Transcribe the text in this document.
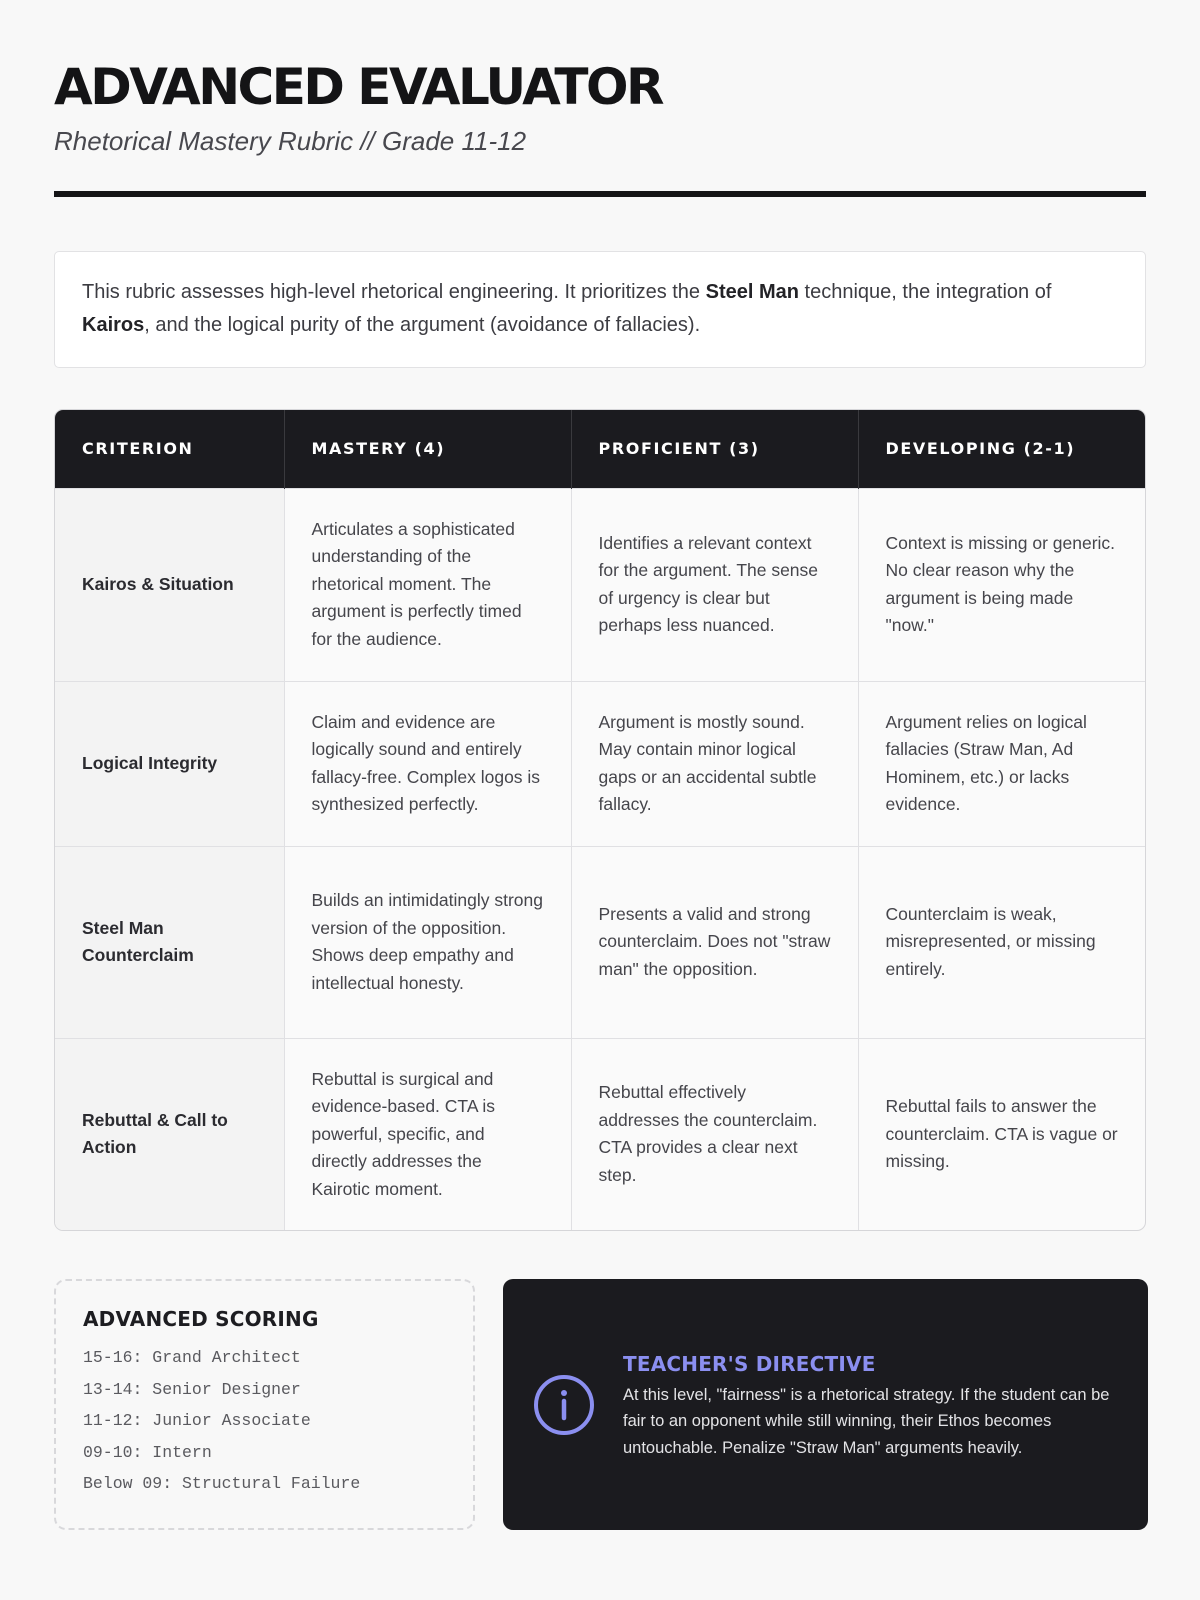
ADVANCED EVALUATOR
Rhetorical Mastery Rubric // Grade 11-12
This rubric assesses high-level rhetorical engineering. It prioritizes the Steel Man technique, the integration of Kairos, and the logical purity of the argument (avoidance of fallacies).
CRITERION	MASTERY (4)	PROFICIENT (3)	DEVELOPING (2-1)
Kairos & Situation	Articulates a sophisticated understanding of the rhetorical moment. The argument is perfectly timed for the audience.	Identifies a relevant context for the argument. The sense of urgency is clear but perhaps less nuanced.	Context is missing or generic. No clear reason why the argument is being made "now."
Logical Integrity	Claim and evidence are logically sound and entirely fallacy-free. Complex logos is synthesized perfectly.	Argument is mostly sound. May contain minor logical gaps or an accidental subtle fallacy.	Argument relies on logical fallacies (Straw Man, Ad Hominem, etc.) or lacks evidence.
Steel Man Counterclaim	Builds an intimidatingly strong version of the opposition. Shows deep empathy and intellectual honesty.	Presents a valid and strong counterclaim. Does not "straw man" the opposition.	Counterclaim is weak, misrepresented, or missing entirely.
Rebuttal & Call to Action	Rebuttal is surgical and evidence-based. CTA is powerful, specific, and directly addresses the Kairotic moment.	Rebuttal effectively addresses the counterclaim. CTA provides a clear next step.	Rebuttal fails to answer the counterclaim. CTA is vague or missing.
ADVANCED SCORING
15-16: Grand Architect
13-14: Senior Designer
11-12: Junior Associate
09-10: Intern
Below 09: Structural Failure
TEACHER'S DIRECTIVE
At this level, "fairness" is a rhetorical strategy. If the student can be fair to an opponent while still winning, their Ethos becomes untouchable. Penalize "Straw Man" arguments heavily.
